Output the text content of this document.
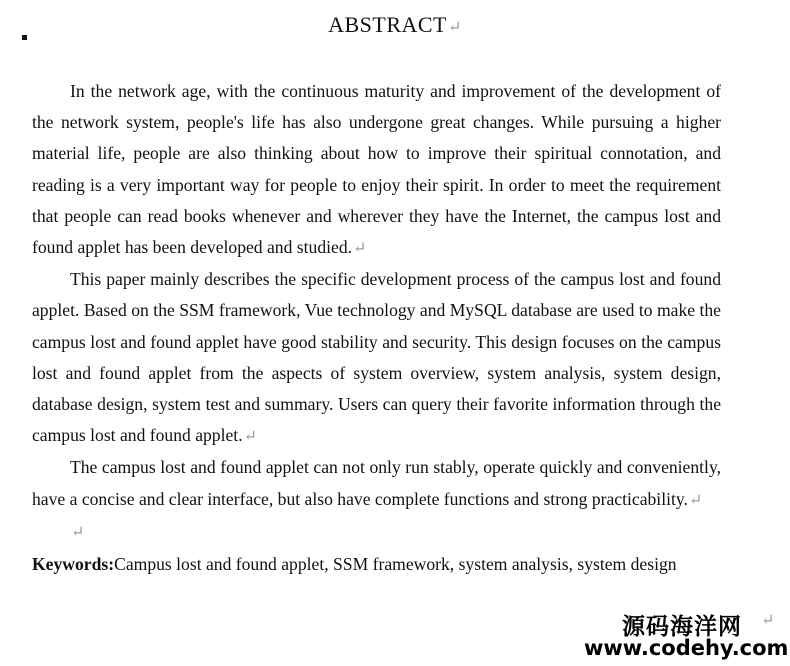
ABSTRACT↵

In the network age, with the continuous maturity and improvement of the development of the network system, people's life has also undergone great changes. While pursuing a higher material life, people are also thinking about how to improve their spiritual connotation, and reading is a very important way for people to enjoy their spirit. In order to meet the requirement that people can read books whenever and wherever they have the Internet, the campus lost and found applet has been developed and studied.↵

This paper mainly describes the specific development process of the campus lost and found applet. Based on the SSM framework, Vue technology and MySQL database are used to make the campus lost and found applet have good stability and security. This design focuses on the campus lost and found applet from the aspects of system overview, system analysis, system design, database design, system test and summary. Users can query their favorite information through the campus lost and found applet.↵

The campus lost and found applet can not only run stably, operate quickly and conveniently, have a concise and clear interface, but also have complete functions and strong practicability.↵

↵
Keywords:Campus lost and found applet, SSM framework, system analysis, system design
↵
源码海洋网
www.codehy.com
